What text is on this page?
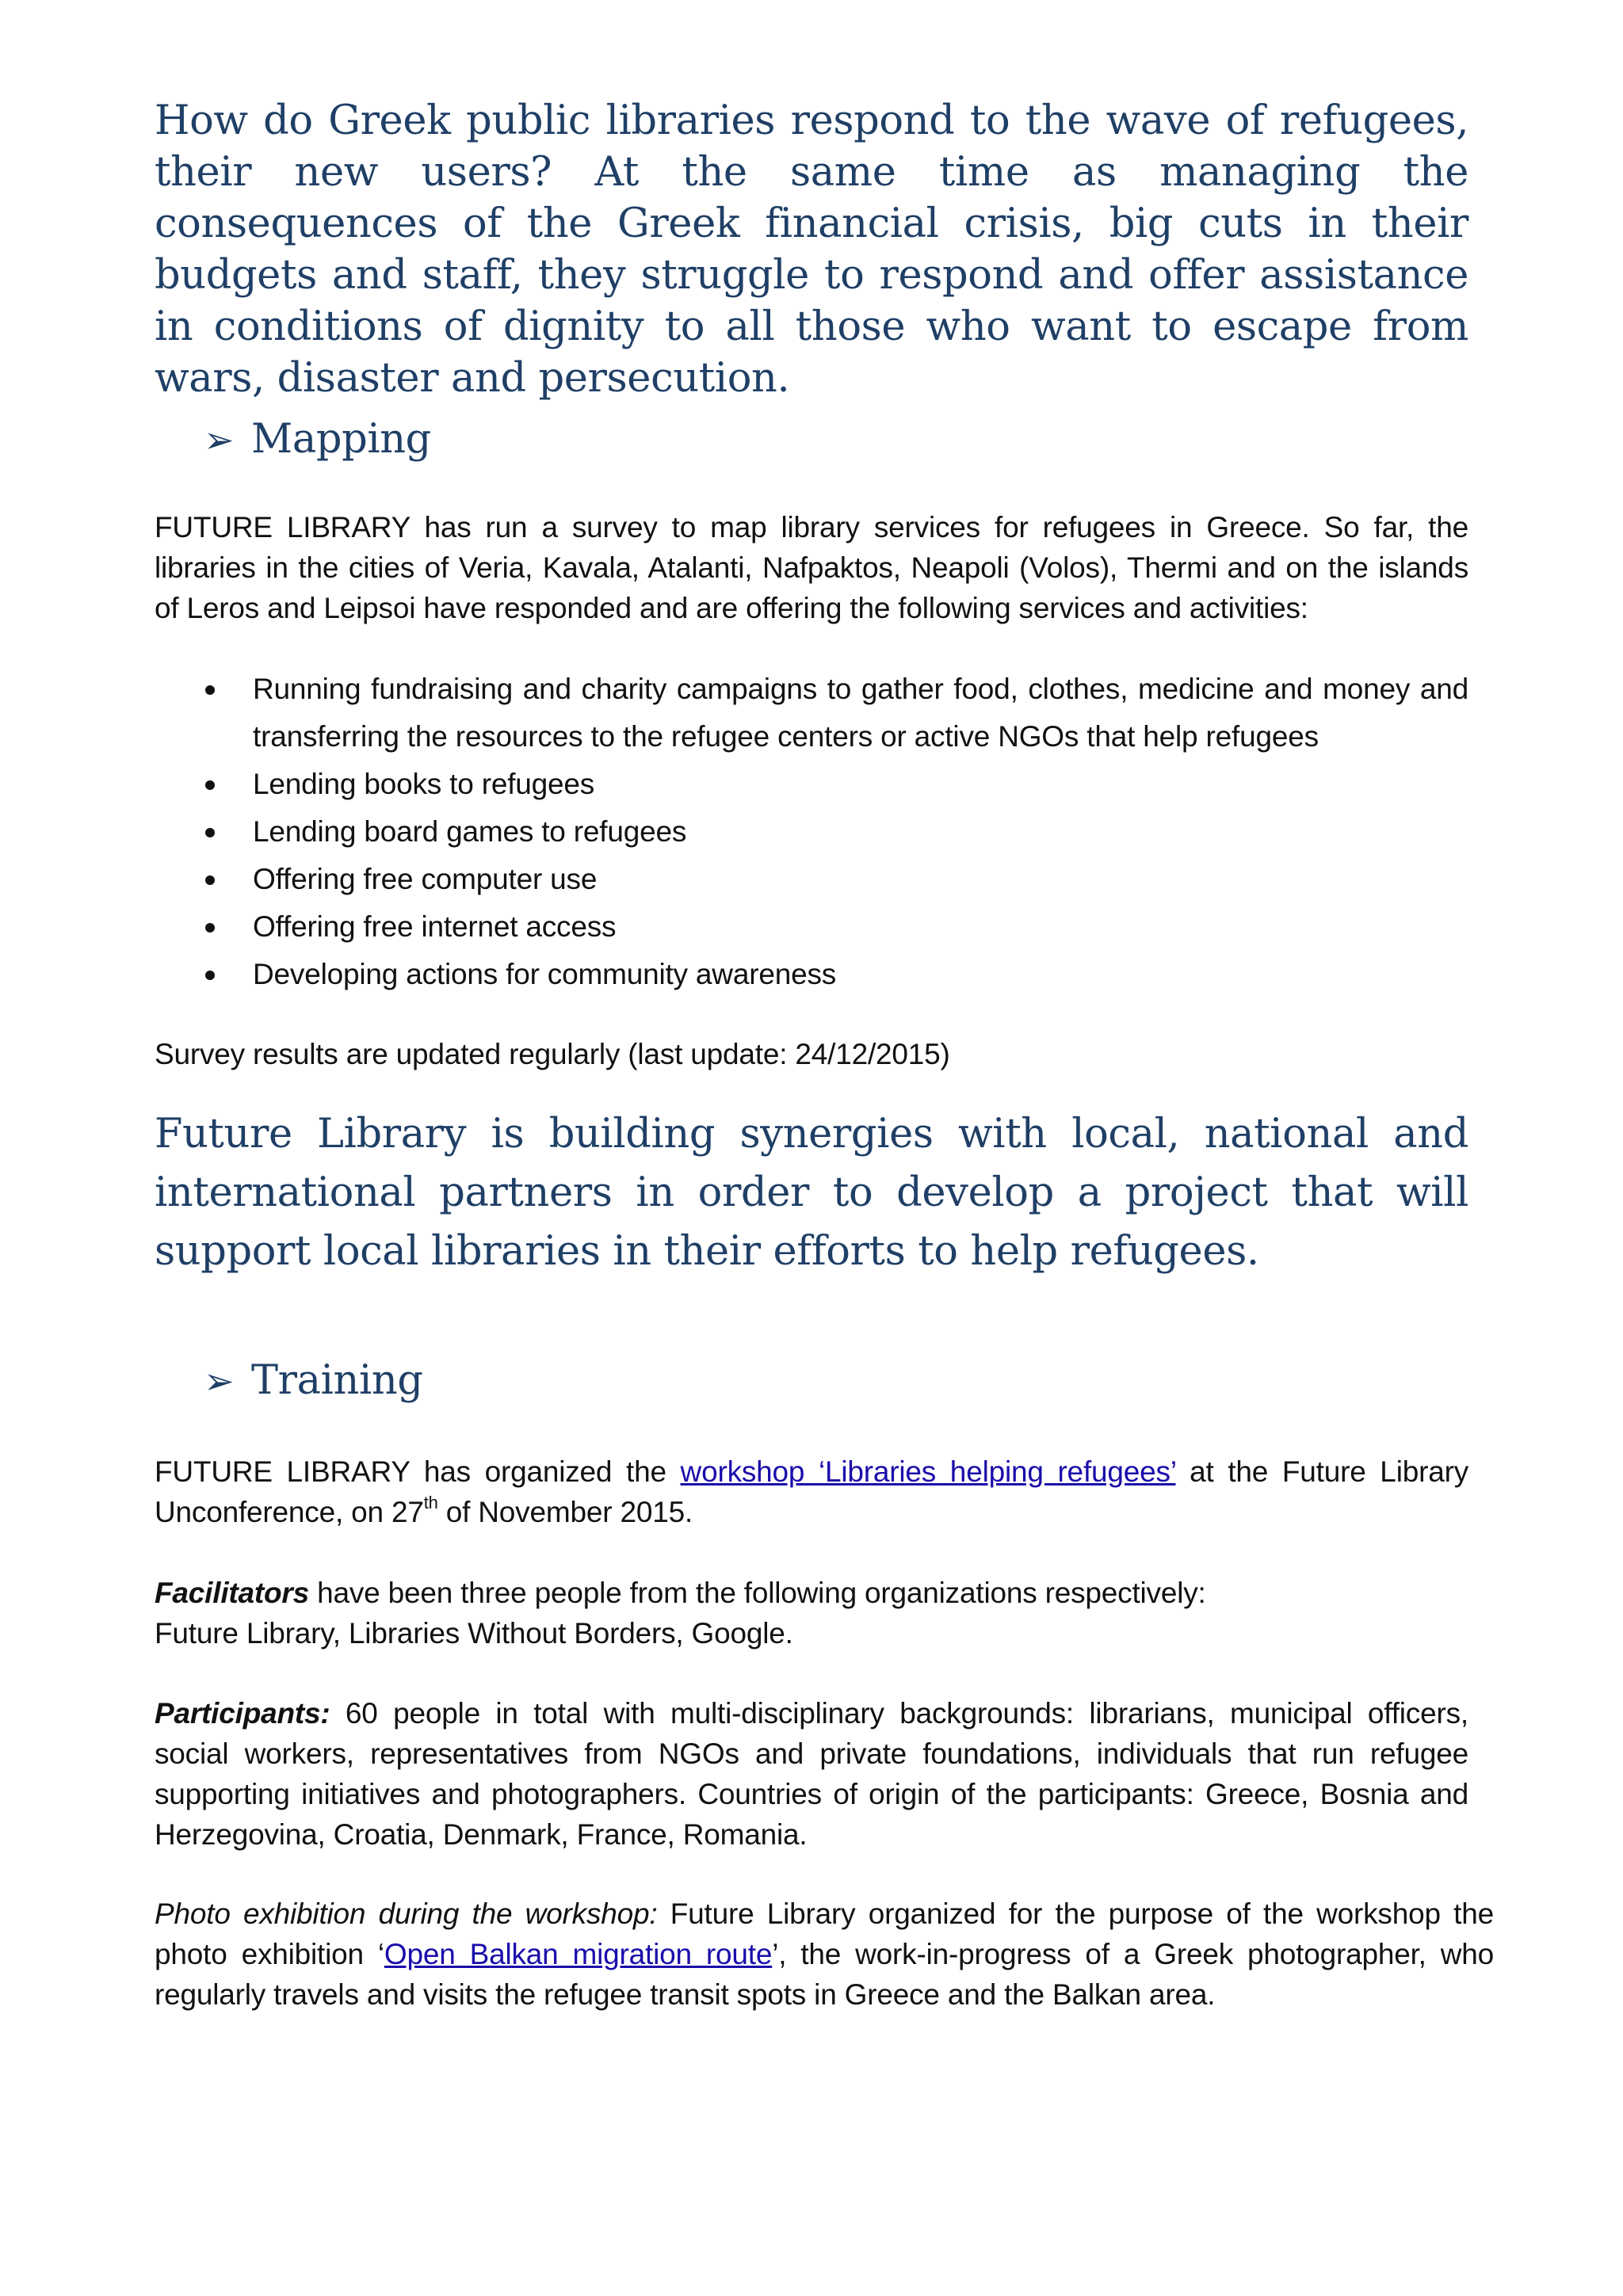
How do Greek public libraries respond to the wave of refugees, their new users? At the same time as managing the consequences of the Greek financial crisis, big cuts in their budgets and staff, they struggle to respond and offer assistance in conditions of dignity to all those who want to escape from wars, disaster and persecution.

➢ Mapping

FUTURE LIBRARY has run a survey to map library services for refugees in Greece. So far, the libraries in the cities of Veria, Kavala, Atalanti, Nafpaktos, Neapoli (Volos), Thermi and on the islands of Leros and Leipsoi have responded and are offering the following services and activities:

Running fundraising and charity campaigns to gather food, clothes, medicine and money and transferring the resources to the refugee centers or active NGOs that help refugees
Lending books to refugees
Lending board games to refugees
Offering free computer use
Offering free internet access
Developing actions for community awareness

Survey results are updated regularly (last update: 24/12/2015)

Future Library is building synergies with local, national and international partners in order to develop a project that will support local libraries in their efforts to help refugees.

➢ Training

FUTURE LIBRARY has organized the workshop ‘Libraries helping refugees’ at the Future Library Unconference, on 27th of November 2015.

Facilitators have been three people from the following organizations respectively:
Future Library, Libraries Without Borders, Google.

Participants: 60 people in total with multi-disciplinary backgrounds: librarians, municipal officers, social workers, representatives from NGOs and private foundations, individuals that run refugee supporting initiatives and photographers. Countries of origin of the participants: Greece, Bosnia and Herzegovina, Croatia, Denmark, France, Romania.

Photo exhibition during the workshop: Future Library organized for the purpose of the workshop the photo exhibition ‘Open Balkan migration route’, the work-in-progress of a Greek photographer, who regularly travels and visits the refugee transit spots in Greece and the Balkan area.
